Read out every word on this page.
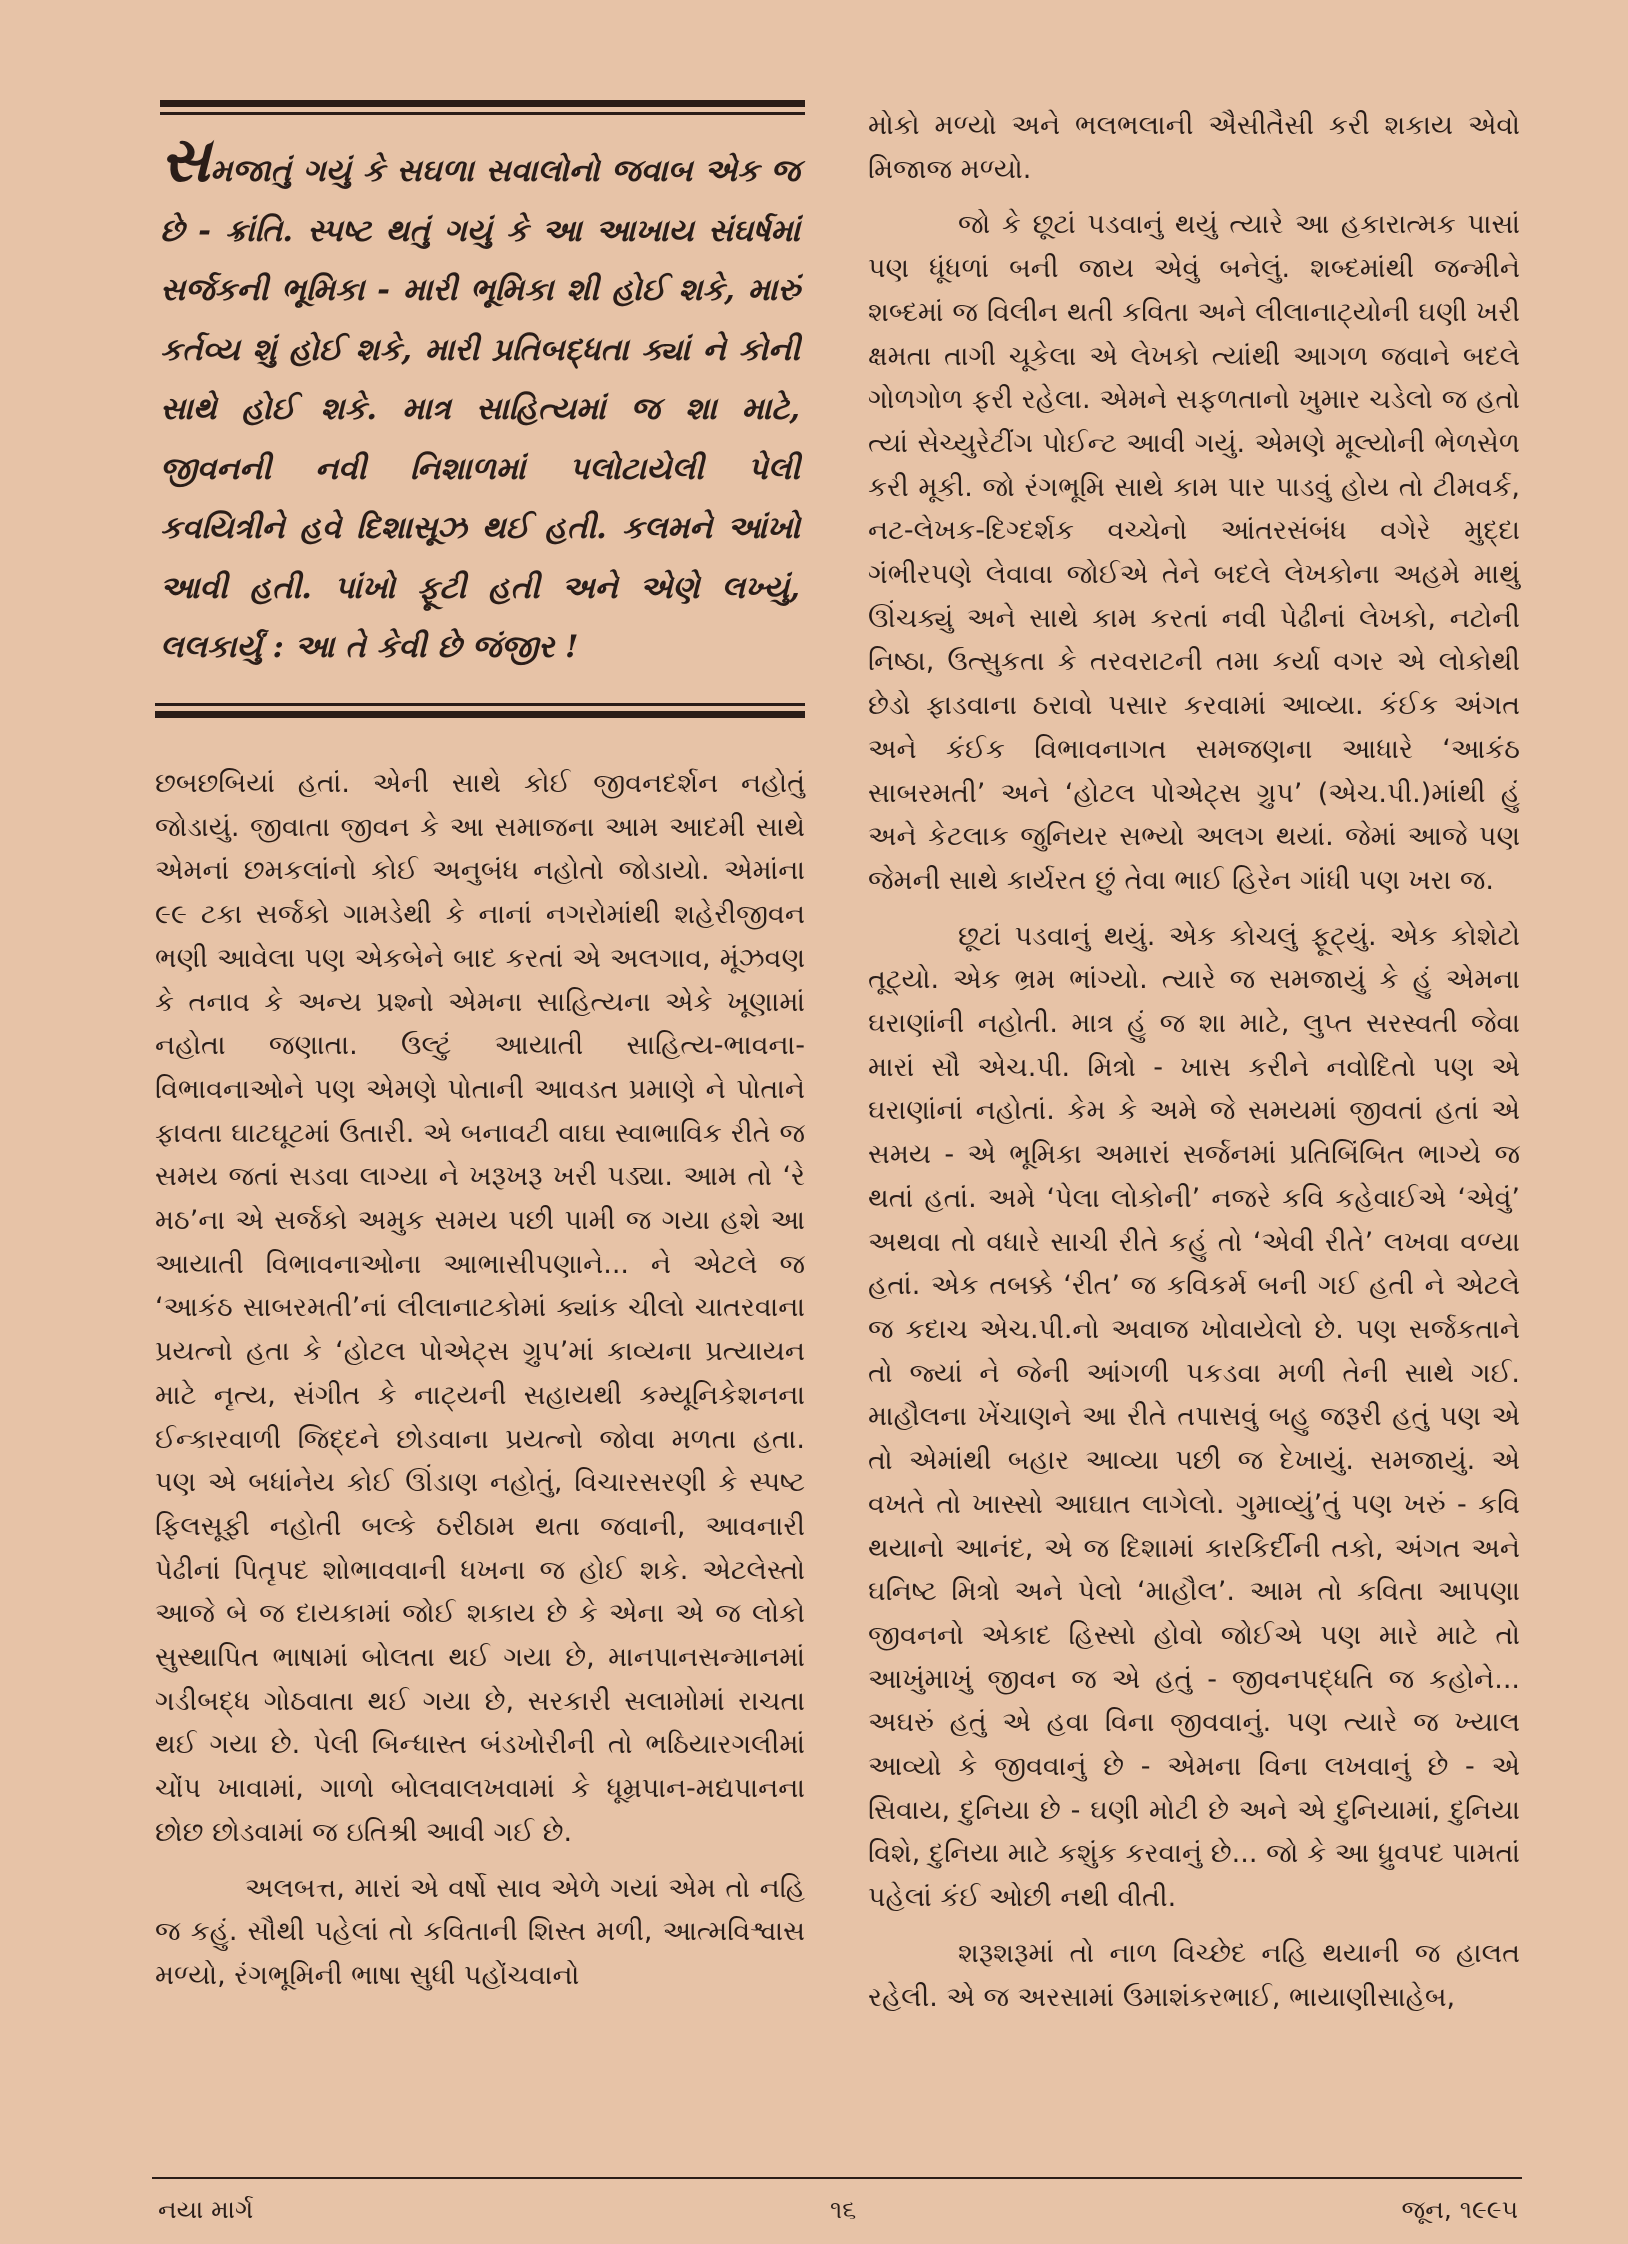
સમજાતું ગયું કે સઘળા સવાલોનો જવાબ એક જ છે - ક્રાંતિ. સ્પષ્ટ થતું ગયું કે આ આખાય સંઘર્ષમાં સર્જકની ભૂમિકા - મારી ભૂમિકા શી હોઈ શકે, મારું કર્તવ્ય શું હોઈ શકે, મારી પ્રતિબદ્ધતા ક્યાં ને કોની સાથે હોઈ શકે. માત્ર સાહિત્યમાં જ શા માટે, જીવનની નવી નિશાળમાં પલોટાયેલી પેલી કવયિત્રીને હવે દિશાસૂઝ થઈ હતી. કલમને આંખો આવી હતી. પાંખો ફૂટી હતી અને એણે લખ્યું, લલકાર્યું : આ તે કેવી છે જંજીર !

છબછબિયાં હતાં. એની સાથે કોઈ જીવનદર્શન નહોતું જોડાયું. જીવાતા જીવન કે આ સમાજના આમ આદમી સાથે એમનાં છમકલાંનો કોઈ અનુબંધ નહોતો જોડાયો. એમાંના ૯૯ ટકા સર્જકો ગામડેથી કે નાનાં નગરોમાંથી શહેરીજીવન ભણી આવેલા પણ એકબેને બાદ કરતાં એ અલગાવ, મૂંઝવણ કે તનાવ કે અન્ય પ્રશ્નો એમના સાહિત્યના એકે ખૂણામાં નહોતા જણાતા. ઉલ્ટું આયાતી સાહિત્ય-ભાવના-વિભાવનાઓને પણ એમણે પોતાની આવડત પ્રમાણે ને પોતાને ફાવતા ઘાટઘૂટમાં ઉતારી. એ બનાવટી વાઘા સ્વાભાવિક રીતે જ સમય જતાં સડવા લાગ્યા ને ખરૂખરૂ ખરી પડ્યા. આમ તો ‘રે મઠ’ના એ સર્જકો અમુક સમય પછી પામી જ ગયા હશે આ આયાતી વિભાવનાઓના આભાસીપણાને... ને એટલે જ ‘આકંઠ સાબરમતી’નાં લીલાનાટકોમાં ક્યાંક ચીલો ચાતરવાના પ્રયત્નો હતા કે ‘હોટલ પોએટ્સ ગ્રુપ’માં કાવ્યના પ્રત્યાયન માટે નૃત્ય, સંગીત કે નાટ્યની સહાયથી કમ્યૂનિકેશનના ઈન્કારવાળી જિદ્દને છોડવાના પ્રયત્નો જોવા મળતા હતા. પણ એ બધાંનેય કોઈ ઊંડાણ નહોતું, વિચારસરણી કે સ્પષ્ટ ફિલસૂફી નહોતી બલ્કે ઠરીઠામ થતા જવાની, આવનારી પેઢીનાં પિતૃપદ શોભાવવાની ધખના જ હોઈ શકે. એટલેસ્તો આજે બે જ દાયકામાં જોઈ શકાય છે કે એના એ જ લોકો સુસ્થાપિત ભાષામાં બોલતા થઈ ગયા છે, માનપાનસન્માનમાં ગડીબદ્ધ ગોઠવાતા થઈ ગયા છે, સરકારી સલામોમાં રાચતા થઈ ગયા છે. પેલી બિન્ધાસ્ત બંડખોરીની તો ભઠિયારગલીમાં ચોંપ ખાવામાં, ગાળો બોલવાલખવામાં કે ધૂમ્રપાન-મદ્યપાનના છોછ છોડવામાં જ ઇતિશ્રી આવી ગઈ છે.

અલબત્ત, મારાં એ વર્ષો સાવ એળે ગયાં એમ તો નહિ જ કહું. સૌથી પહેલાં તો કવિતાની શિસ્ત મળી, આત્મવિશ્વાસ મળ્યો, રંગભૂમિની ભાષા સુધી પહોંચવાનો

મોકો મળ્યો અને ભલભલાની ઐસીતૈસી કરી શકાય એવો મિજાજ મળ્યો.

જો કે છૂટાં પડવાનું થયું ત્યારે આ હકારાત્મક પાસાં પણ ધૂંધળાં બની જાય એવું બનેલું. શબ્દમાંથી જન્મીને શબ્દમાં જ વિલીન થતી કવિતા અને લીલાનાટ્યોની ઘણી ખરી ક્ષમતા તાગી ચૂકેલા એ લેખકો ત્યાંથી આગળ જવાને બદલે ગોળગોળ ફરી રહેલા. એમને સફળતાનો ખુમાર ચડેલો જ હતો ત્યાં સેચ્યુરેટીંગ પોઈન્ટ આવી ગયું. એમણે મૂલ્યોની ભેળસેળ કરી મૂકી. જો રંગભૂમિ સાથે કામ પાર પાડવું હોય તો ટીમવર્ક, નટ-લેખક-દિગ્દર્શક વચ્ચેનો આંતરસંબંધ વગેરે મુદ્દા ગંભીરપણે લેવાવા જોઈએ તેને બદલે લેખકોના અહમે માથું ઊંચક્યું અને સાથે કામ કરતાં નવી પેઢીનાં લેખકો, નટોની નિષ્ઠા, ઉત્સુકતા કે તરવરાટની તમા કર્યા વગર એ લોકોથી છેડો ફાડવાના ઠરાવો પસાર કરવામાં આવ્યા. કંઈક અંગત અને કંઈક વિભાવનાગત સમજણના આધારે ‘આકંઠ સાબરમતી’ અને ‘હોટલ પોએટ્સ ગ્રુપ’ (એચ.પી.)માંથી હું અને કેટલાક જુનિયર સભ્યો અલગ થયાં. જેમાં આજે પણ જેમની સાથે કાર્યરત છું તેવા ભાઈ હિરેન ગાંધી પણ ખરા જ.

છૂટાં પડવાનું થયું. એક કોચલું ફૂટ્યું. એક કોશેટો તૂટ્યો. એક ભ્રમ ભાંગ્યો. ત્યારે જ સમજાયું કે હું એમના ઘરાણાંની નહોતી. માત્ર હું જ શા માટે, લુપ્ત સરસ્વતી જેવા મારાં સૌ એચ.પી. મિત્રો - ખાસ કરીને નવોદિતો પણ એ ઘરાણાંનાં નહોતાં. કેમ કે અમે જે સમયમાં જીવતાં હતાં એ સમય - એ ભૂમિકા અમારાં સર્જનમાં પ્રતિબિંબિત ભાગ્યે જ થતાં હતાં. અમે ‘પેલા લોકોની’ નજરે કવિ કહેવાઈએ ‘એવું’ અથવા તો વધારે સાચી રીતે કહું તો ‘એવી રીતે’ લખવા વળ્યા હતાં. એક તબક્કે ‘રીત’ જ કવિકર્મ બની ગઈ હતી ને એટલે જ કદાચ એચ.પી.નો અવાજ ખોવાયેલો છે. પણ સર્જકતાને તો જ્યાં ને જેની આંગળી પકડવા મળી તેની સાથે ગઈ. માહૌલના ખેંચાણને આ રીતે તપાસવું બહુ જરૂરી હતું પણ એ તો એમાંથી બહાર આવ્યા પછી જ દેખાયું. સમજાયું. એ વખતે તો ખાસ્સો આઘાત લાગેલો. ગુમાવ્યું’તું પણ ખરું - કવિ થયાનો આનંદ, એ જ દિશામાં કારકિર્દીની તકો, અંગત અને ઘનિષ્ટ મિત્રો અને પેલો ‘માહૌલ’. આમ તો કવિતા આપણા જીવનનો એકાદ હિસ્સો હોવો જોઈએ પણ મારે માટે તો આખુંમાખું જીવન જ એ હતું - જીવનપદ્ધતિ જ કહોને... અઘરું હતું એ હવા વિના જીવવાનું. પણ ત્યારે જ ખ્યાલ આવ્યો કે જીવવાનું છે - એમના વિના લખવાનું છે - એ સિવાય, દુનિયા છે - ઘણી મોટી છે અને એ દુનિયામાં, દુનિયા વિશે, દુનિયા માટે કશુંક કરવાનું છે... જો કે આ ધ્રુવપદ પામતાં પહેલાં કંઈ ઓછી નથી વીતી.

શરૂશરૂમાં તો નાળ વિચ્છેદ નહિ થયાની જ હાલત રહેલી. એ જ અરસામાં ઉમાશંકરભાઈ, ભાયાણીસાહેબ,

નયા માર્ગ	૧૬	જૂન, ૧૯૯૫
